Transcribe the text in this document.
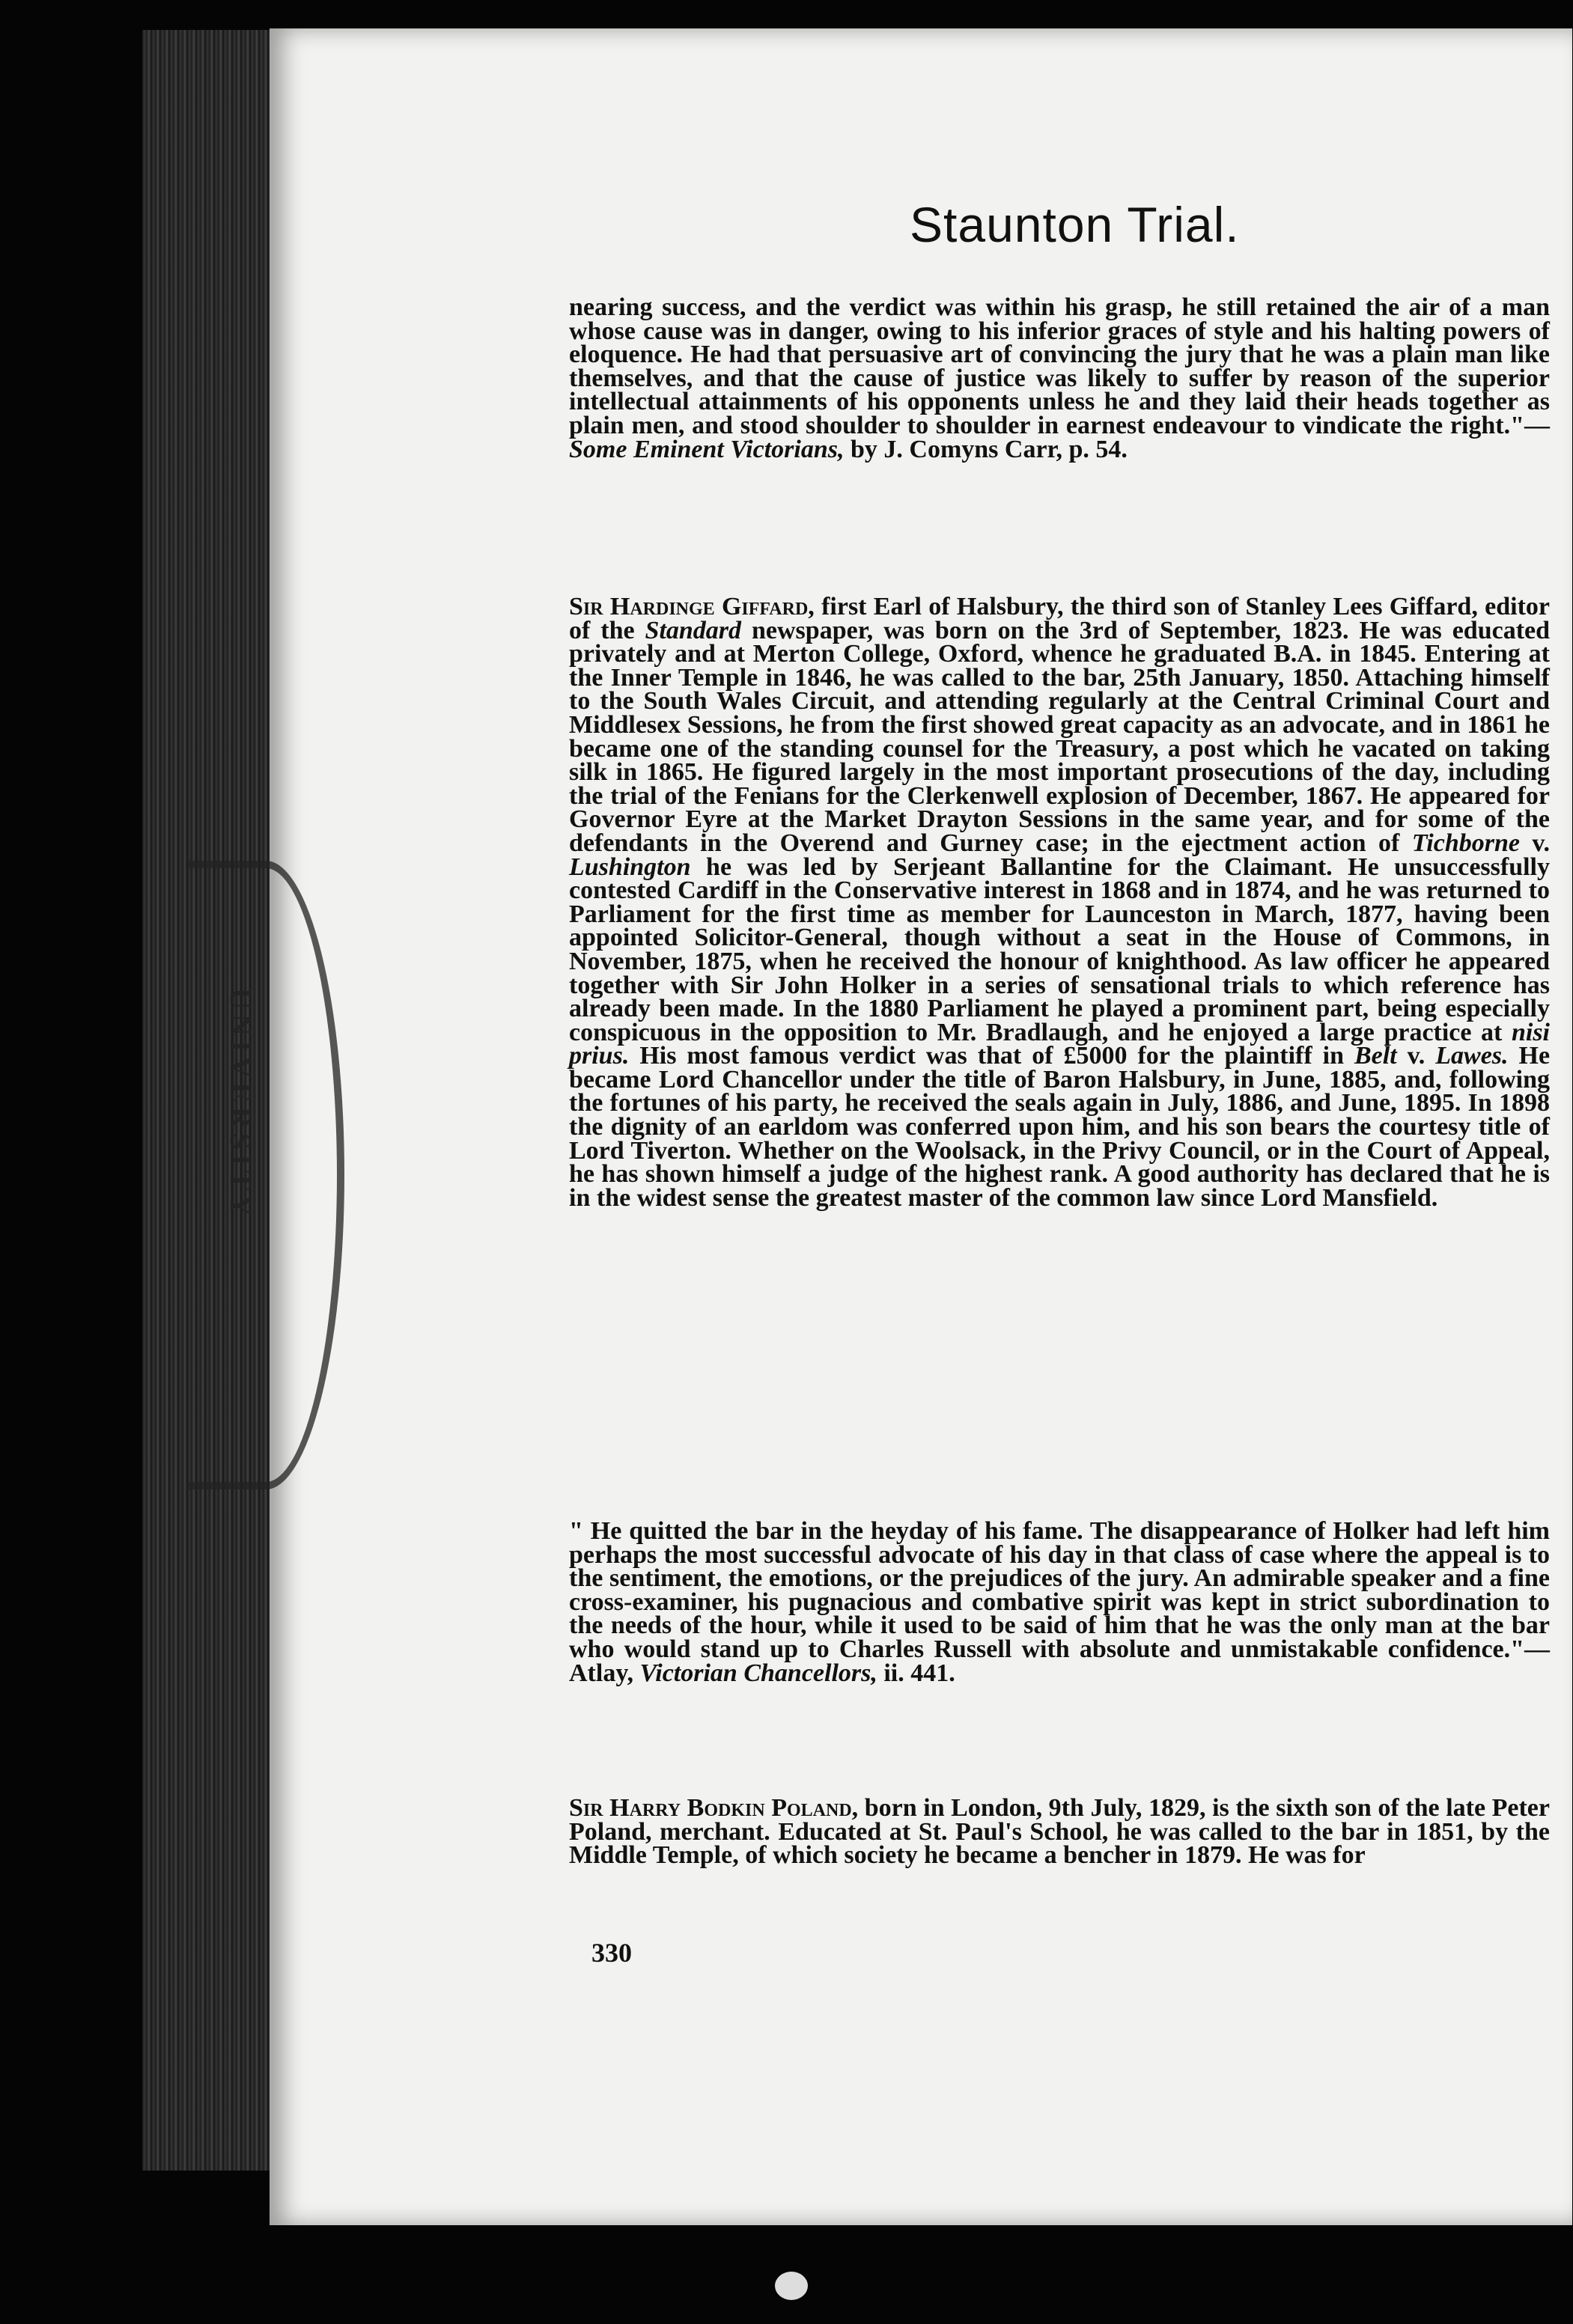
UNIVERSITY
Staunton Trial.

nearing success, and the verdict was within his grasp, he still retained the air of a man whose cause was in danger, owing to his inferior graces of style and his halting powers of eloquence. He had that persuasive art of convincing the jury that he was a plain man like themselves, and that the cause of justice was likely to suffer by reason of the superior intellectual attainments of his opponents unless he and they laid their heads together as plain men, and stood shoulder to shoulder in earnest endeavour to vindicate the right."— Some Eminent Victorians, by J. Comyns Carr, p. 54.

Sir Hardinge Giffard, first Earl of Halsbury, the third son of Stanley Lees Giffard, editor of the Standard newspaper, was born on the 3rd of September, 1823. He was educated privately and at Merton College, Oxford, whence he graduated B.A. in 1845. Entering at the Inner Temple in 1846, he was called to the bar, 25th January, 1850. Attaching himself to the South Wales Circuit, and attending regularly at the Central Criminal Court and Middlesex Sessions, he from the first showed great capacity as an advocate, and in 1861 he became one of the standing counsel for the Treasury, a post which he vacated on taking silk in 1865. He figured largely in the most important prosecutions of the day, including the trial of the Fenians for the Clerkenwell explosion of December, 1867. He appeared for Governor Eyre at the Market Drayton Sessions in the same year, and for some of the defendants in the Overend and Gurney case; in the ejectment action of Tichborne v. Lushington he was led by Serjeant Ballantine for the Claimant. He unsuccessfully contested Cardiff in the Conservative interest in 1868 and in 1874, and he was returned to Parliament for the first time as member for Launceston in March, 1877, having been appointed Solicitor-General, though without a seat in the House of Commons, in November, 1875, when he received the honour of knighthood. As law officer he appeared together with Sir John Holker in a series of sensational trials to which reference has already been made. In the 1880 Parliament he played a prominent part, being especially conspicuous in the opposition to Mr. Bradlaugh, and he enjoyed a large practice at nisi prius. His most famous verdict was that of £5000 for the plaintiff in Belt v. Lawes. He became Lord Chancellor under the title of Baron Halsbury, in June, 1885, and, following the fortunes of his party, he received the seals again in July, 1886, and June, 1895. In 1898 the dignity of an earldom was conferred upon him, and his son bears the courtesy title of Lord Tiverton. Whether on the Woolsack, in the Privy Council, or in the Court of Appeal, he has shown himself a judge of the highest rank. A good authority has declared that he is in the widest sense the greatest master of the common law since Lord Mansfield.

" He quitted the bar in the heyday of his fame. The disappearance of Holker had left him perhaps the most successful advocate of his day in that class of case where the appeal is to the sentiment, the emotions, or the prejudices of the jury. An admirable speaker and a fine cross-examiner, his pugnacious and combative spirit was kept in strict subordination to the needs of the hour, while it used to be said of him that he was the only man at the bar who would stand up to Charles Russell with absolute and unmistakable confidence."— Atlay, Victorian Chancellors, ii. 441.

Sir Harry Bodkin Poland, born in London, 9th July, 1829, is the sixth son of the late Peter Poland, merchant. Educated at St. Paul's School, he was called to the bar in 1851, by the Middle Temple, of which society he became a bencher in 1879. He was for

330
